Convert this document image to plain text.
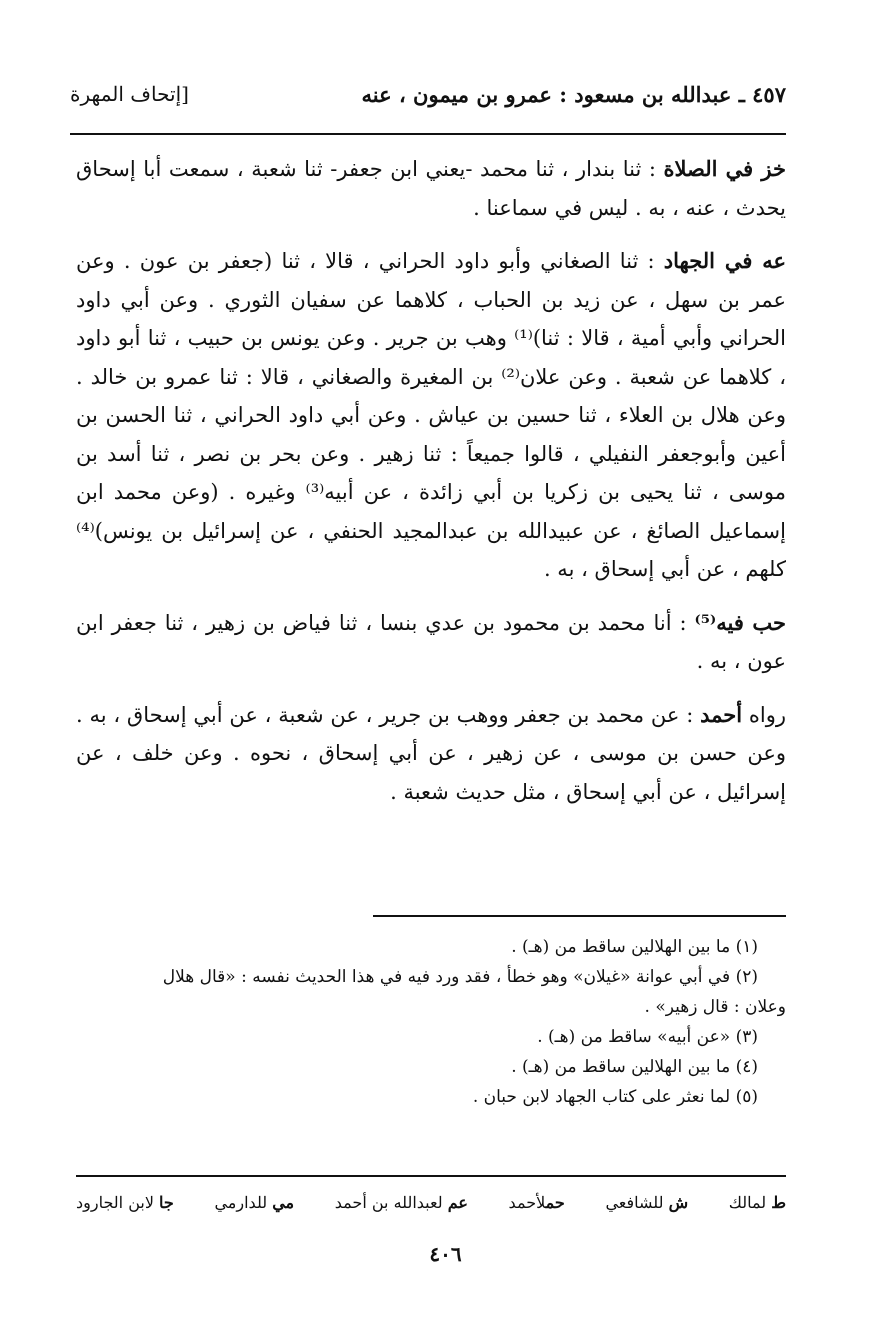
٤٥٧ ـ عبدالله بن مسعود : عمرو بن ميمون ، عنه
[إتحاف المهرة

خز في الصلاة : ثنا بندار ، ثنا محمد -يعني ابن جعفر- ثنا شعبة ، سمعت أبا إسحاق يحدث ، عنه ، به . ليس في سماعنا .

عه في الجهاد : ثنا الصغاني وأبو داود الحراني ، قالا ، ثنا (جعفر بن عون . وعن عمر بن سهل ، عن زيد بن الحباب ، كلاهما عن سفيان الثوري . وعن أبي داود الحراني وأبي أمية ، قالا : ثنا)⁽¹⁾ وهب بن جرير . وعن يونس بن حبيب ، ثنا أبو داود ، كلاهما عن شعبة . وعن علان⁽²⁾ بن المغيرة والصغاني ، قالا : ثنا عمرو بن خالد . وعن هلال بن العلاء ، ثنا حسين بن عياش . وعن أبي داود الحراني ، ثنا الحسن بن أعين وأبوجعفر النفيلي ، قالوا جميعاً : ثنا زهير . وعن بحر بن نصر ، ثنا أسد بن موسى ، ثنا يحيى بن زكريا بن أبي زائدة ، عن أبيه⁽³⁾ وغيره . (وعن محمد ابن إسماعيل الصائغ ، عن عبيدالله بن عبدالمجيد الحنفي ، عن إسرائيل بن يونس)⁽⁴⁾ كلهم ، عن أبي إسحاق ، به .

حب فيه⁽⁵⁾ : أنا محمد بن محمود بن عدي بنسا ، ثنا فياض بن زهير ، ثنا جعفر ابن عون ، به .

رواه أحمد : عن محمد بن جعفر ووهب بن جرير ، عن شعبة ، عن أبي إسحاق ، به . وعن حسن بن موسى ، عن زهير ، عن أبي إسحاق ، نحوه . وعن خلف ، عن إسرائيل ، عن أبي إسحاق ، مثل حديث شعبة .

(١) ما بين الهلالين ساقط من (هـ) .

(٢) في أبي عوانة «غيلان» وهو خطأ ، فقد ورد فيه في هذا الحديث نفسه : «قال هلال

وعلان : قال زهير» .

(٣) «عن أبيه» ساقط من (هـ) .

(٤) ما بين الهلالين ساقط من (هـ) .

(٥) لما نعثر على كتاب الجهاد لابن حبان .

ط لمالك
ش للشافعي
حملأحمد
عم لعبدالله بن أحمد
مي للدارمي
جا لابن الجارود
٤٠٦
